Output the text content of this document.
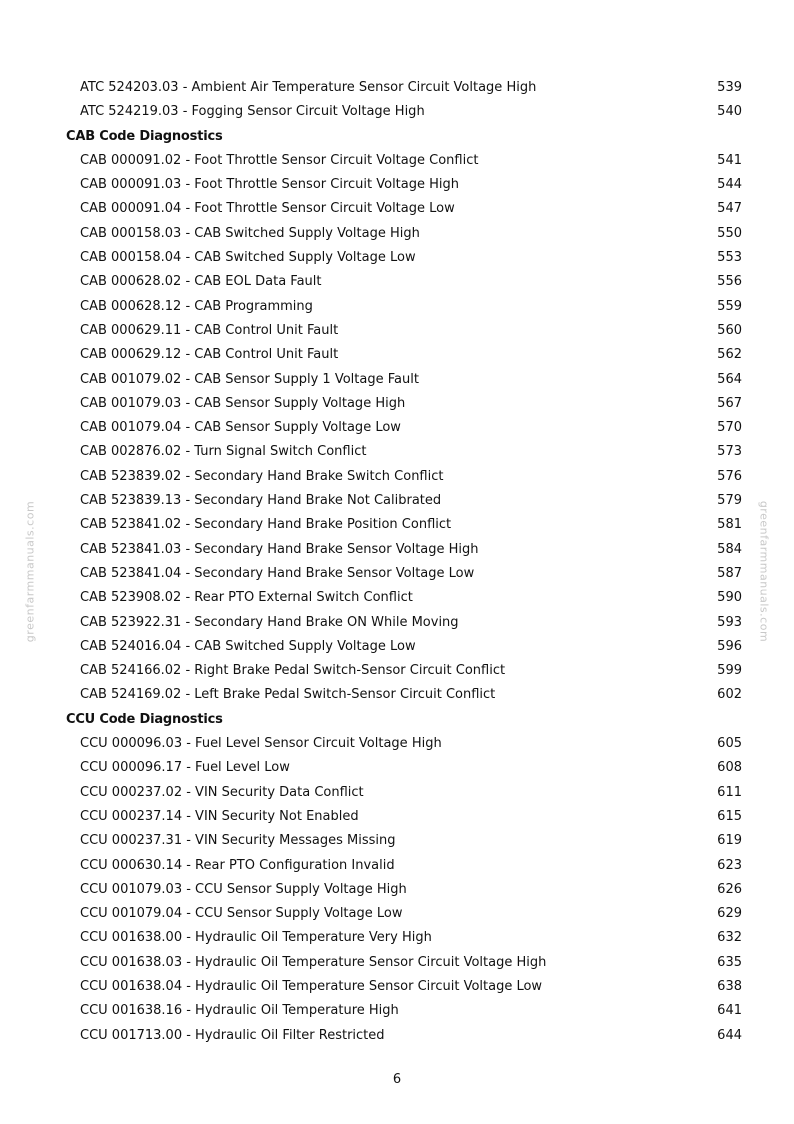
greenfarmmanuals.com	greenfarmmanuals.com
ATC 524203.03 - Ambient Air Temperature Sensor Circuit Voltage High	539
ATC 524219.03 - Fogging Sensor Circuit Voltage High	540
CAB Code Diagnostics
CAB 000091.02 - Foot Throttle Sensor Circuit Voltage Conflict	541
CAB 000091.03 - Foot Throttle Sensor Circuit Voltage High	544
CAB 000091.04 - Foot Throttle Sensor Circuit Voltage Low	547
CAB 000158.03 - CAB Switched Supply Voltage High	550
CAB 000158.04 - CAB Switched Supply Voltage Low	553
CAB 000628.02 - CAB EOL Data Fault	556
CAB 000628.12 - CAB Programming	559
CAB 000629.11 - CAB Control Unit Fault	560
CAB 000629.12 - CAB Control Unit Fault	562
CAB 001079.02 - CAB Sensor Supply 1 Voltage Fault	564
CAB 001079.03 - CAB Sensor Supply Voltage High	567
CAB 001079.04 - CAB Sensor Supply Voltage Low	570
CAB 002876.02 - Turn Signal Switch Conflict	573
CAB 523839.02 - Secondary Hand Brake Switch Conflict	576
CAB 523839.13 - Secondary Hand Brake Not Calibrated	579
CAB 523841.02 - Secondary Hand Brake Position Conflict	581
CAB 523841.03 - Secondary Hand Brake Sensor Voltage High	584
CAB 523841.04 - Secondary Hand Brake Sensor Voltage Low	587
CAB 523908.02 - Rear PTO External Switch Conflict	590
CAB 523922.31 - Secondary Hand Brake ON While Moving	593
CAB 524016.04 - CAB Switched Supply Voltage Low	596
CAB 524166.02 - Right Brake Pedal Switch-Sensor Circuit Conflict	599
CAB 524169.02 - Left Brake Pedal Switch-Sensor Circuit Conflict	602
CCU Code Diagnostics
CCU 000096.03 - Fuel Level Sensor Circuit Voltage High	605
CCU 000096.17 - Fuel Level Low	608
CCU 000237.02 - VIN Security Data Conflict	611
CCU 000237.14 - VIN Security Not Enabled	615
CCU 000237.31 - VIN Security Messages Missing	619
CCU 000630.14 - Rear PTO Configuration Invalid	623
CCU 001079.03 - CCU Sensor Supply Voltage High	626
CCU 001079.04 - CCU Sensor Supply Voltage Low	629
CCU 001638.00 - Hydraulic Oil Temperature Very High	632
CCU 001638.03 - Hydraulic Oil Temperature Sensor Circuit Voltage High	635
CCU 001638.04 - Hydraulic Oil Temperature Sensor Circuit Voltage Low	638
CCU 001638.16 - Hydraulic Oil Temperature High	641
CCU 001713.00 - Hydraulic Oil Filter Restricted	644
6
